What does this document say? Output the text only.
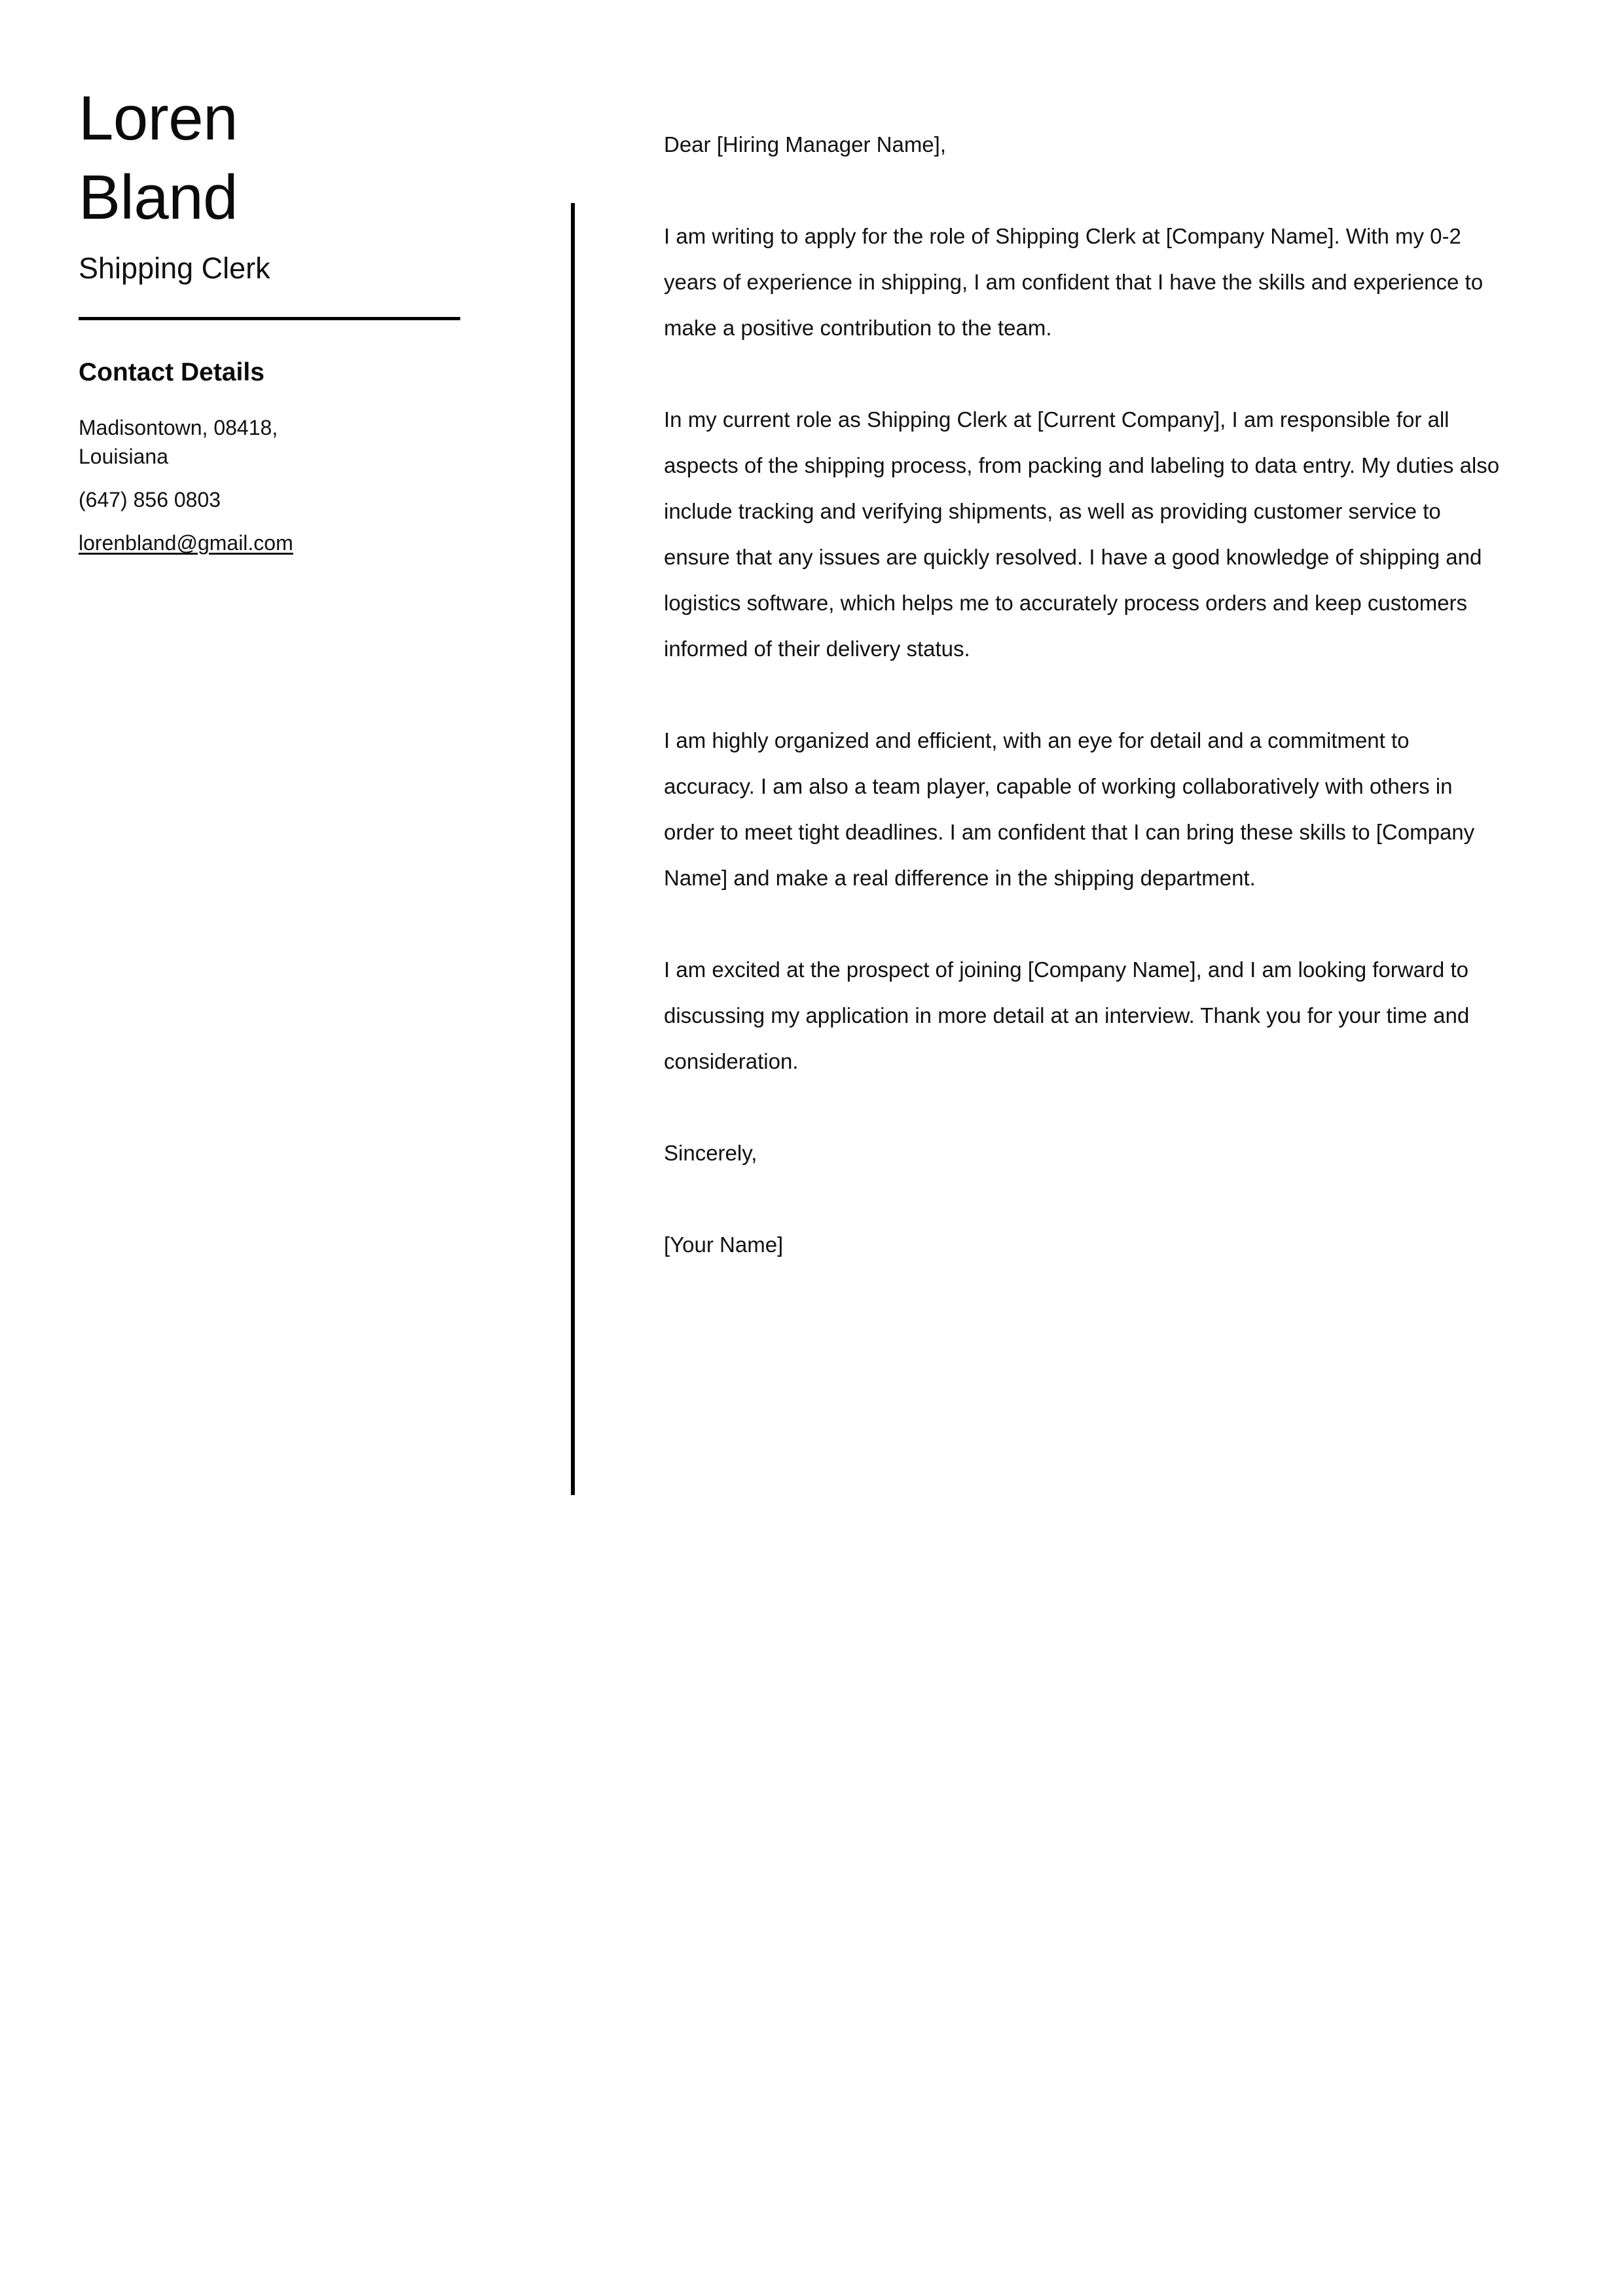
Loren
Bland
Shipping Clerk
Contact Details
Madisontown, 08418, Louisiana
(647) 856 0803
lorenbland@gmail.com

Dear [Hiring Manager Name],

I am writing to apply for the role of Shipping Clerk at [Company Name]. With my 0-2 years of experience in shipping, I am confident that I have the skills and experience to make a positive contribution to the team.

In my current role as Shipping Clerk at [Current Company], I am responsible for all aspects of the shipping process, from packing and labeling to data entry. My duties also include tracking and verifying shipments, as well as providing customer service to ensure that any issues are quickly resolved. I have a good knowledge of shipping and logistics software, which helps me to accurately process orders and keep customers informed of their delivery status.

I am highly organized and efficient, with an eye for detail and a commitment to accuracy. I am also a team player, capable of working collaboratively with others in order to meet tight deadlines. I am confident that I can bring these skills to [Company Name] and make a real difference in the shipping department.

I am excited at the prospect of joining [Company Name], and I am looking forward to discussing my application in more detail at an interview. Thank you for your time and consideration.

Sincerely,

[Your Name]
